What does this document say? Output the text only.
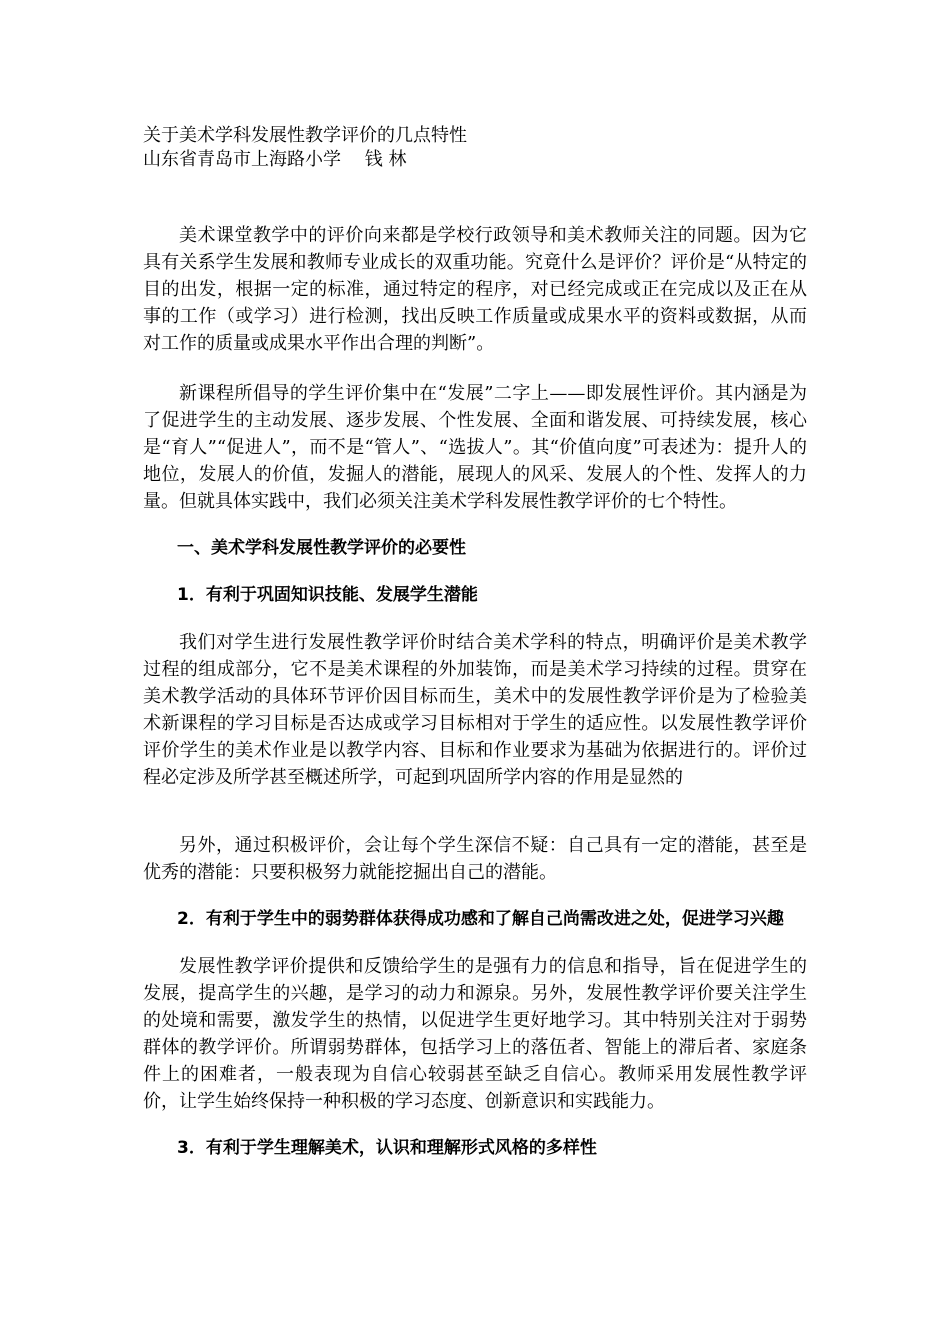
关于美术学科发展性教学评价的几点特性
山东省青岛市上海路小学　 钱 林

美术课堂教学中的评价向来都是学校行政领导和美术教师关注的同题。因为它具有关系学生发展和教师专业成长的双重功能。究竟什么是评价？评价是“从特定的目的出发，根据一定的标准，通过特定的程序，对已经完成或正在完成以及正在从事的工作（或学习）进行检测，找出反映工作质量或成果水平的资料或数据，从而对工作的质量或成果水平作出合理的判断”。

新课程所倡导的学生评价集中在“发展”二字上——即发展性评价。其内涵是为了促进学生的主动发展、逐步发展、个性发展、全面和谐发展、可持续发展，核心是“育人”“促进人”，而不是“管人”、“选拔人”。其“价值向度”可表述为：提升人的地位，发展人的价值，发掘人的潜能，展现人的风采、发展人的个性、发挥人的力量。但就具体实践中，我们必须关注美术学科发展性教学评价的七个特性。

一、美术学科发展性教学评价的必要性

1．有利于巩固知识技能、发展学生潜能

我们对学生进行发展性教学评价时结合美术学科的特点，明确评价是美术教学过程的组成部分，它不是美术课程的外加装饰，而是美术学习持续的过程。贯穿在美术教学活动的具体环节评价因目标而生，美术中的发展性教学评价是为了检验美术新课程的学习目标是否达成或学习目标相对于学生的适应性。以发展性教学评价评价学生的美术作业是以教学内容、目标和作业要求为基础为依据进行的。评价过程必定涉及所学甚至概述所学，可起到巩固所学内容的作用是显然的

另外，通过积极评价，会让每个学生深信不疑：自己具有一定的潜能，甚至是优秀的潜能：只要积极努力就能挖掘出自己的潜能。

2．有利于学生中的弱势群体获得成功感和了解自己尚需改进之处，促进学习兴趣

发展性教学评价提供和反馈给学生的是强有力的信息和指导，旨在促进学生的发展，提高学生的兴趣，是学习的动力和源泉。另外，发展性教学评价要关注学生的处境和需要，激发学生的热情，以促进学生更好地学习。其中特别关注对于弱势群体的教学评价。所谓弱势群体，包括学习上的落伍者、智能上的滞后者、家庭条件上的困难者，一般表现为自信心较弱甚至缺乏自信心。教师采用发展性教学评价，让学生始终保持一种积极的学习态度、创新意识和实践能力。

3．有利于学生理解美术，认识和理解形式风格的多样性
